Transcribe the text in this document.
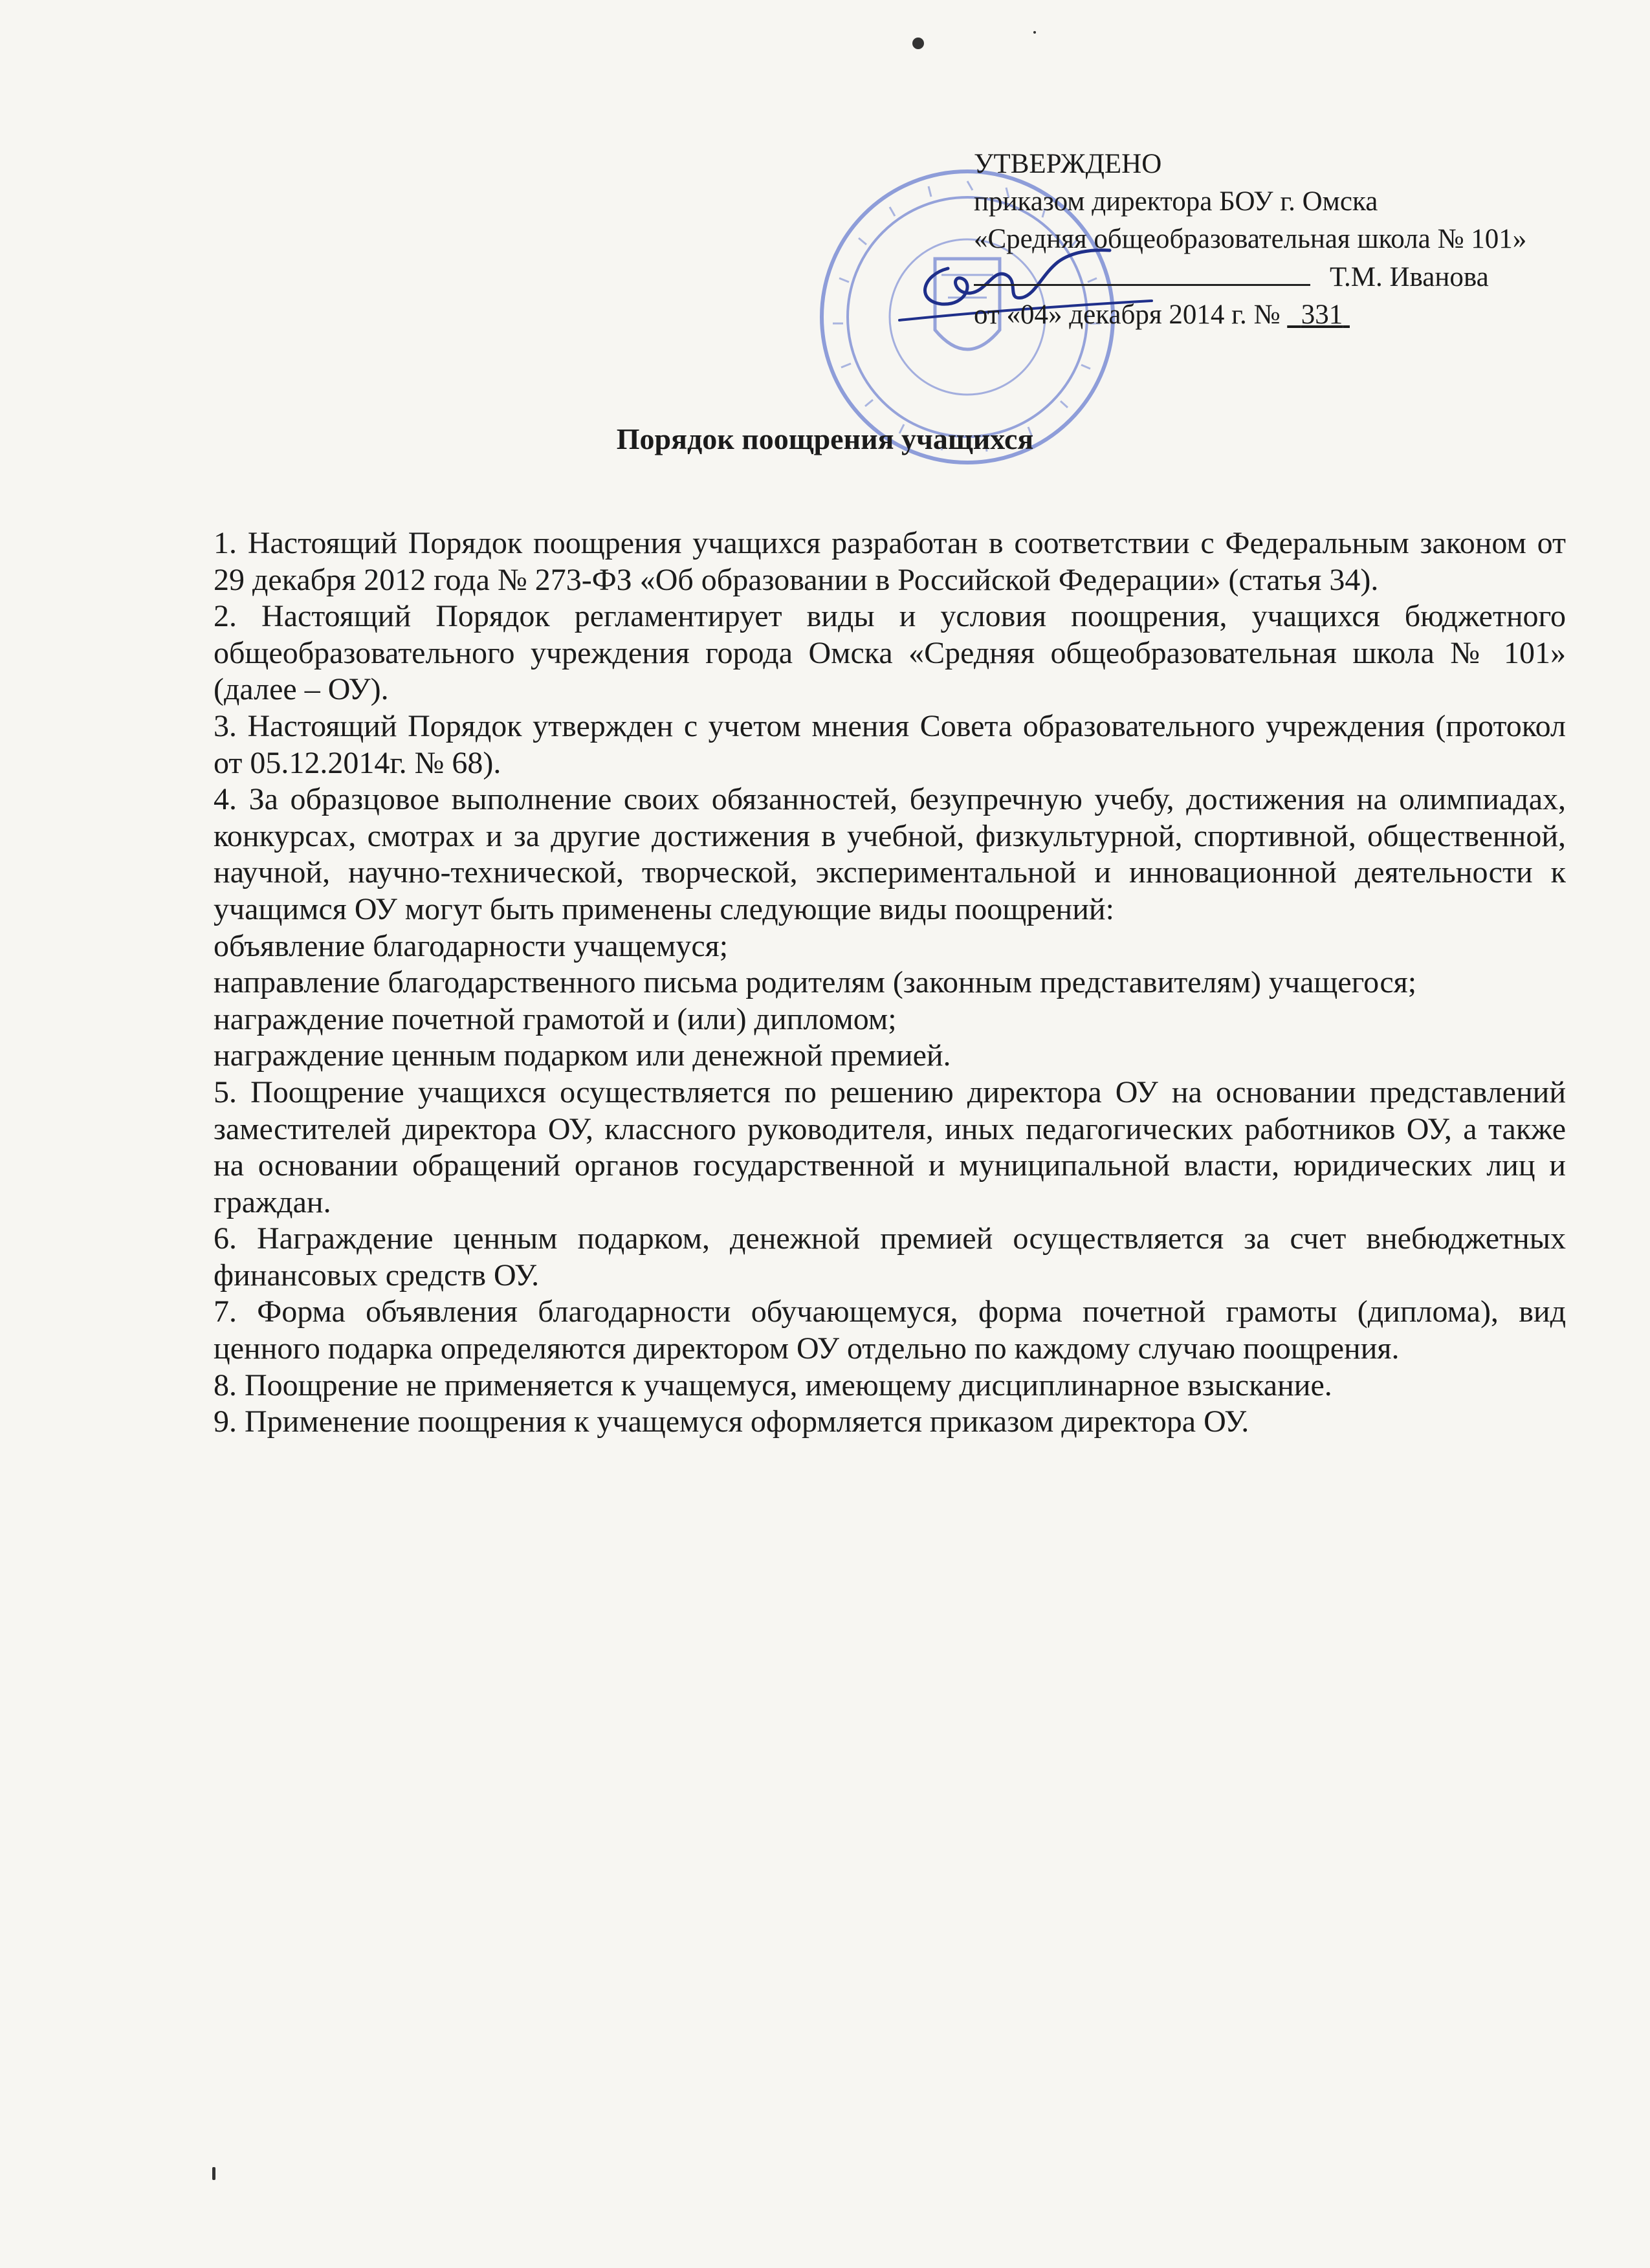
УТВЕРЖДЕНО
приказом директора БОУ г. Омска
«Средняя общеобразовательная школа № 101»
Т.М. Иванова
от «04» декабря 2014 г. № 331
Порядок поощрения учащихся

1. Настоящий Порядок поощрения учащихся разработан в соответствии с Федеральным законом от 29 декабря 2012 года № 273-ФЗ «Об образовании в Российской Федерации» (статья 34).

2. Настоящий Порядок регламентирует виды и условия поощрения, учащихся бюджетного общеобразовательного учреждения города Омска «Средняя общеобразовательная школа № 101» (далее – ОУ).

3. Настоящий Порядок утвержден с учетом мнения Совета образовательного учреждения (протокол от 05.12.2014г. № 68).

4. За образцовое выполнение своих обязанностей, безупречную учебу, достижения на олимпиадах, конкурсах, смотрах и за другие достижения в учебной, физкультурной, спортивной, общественной, научной, научно-технической, творческой, экспериментальной и инновационной деятельности к учащимся ОУ могут быть применены следующие виды поощрений:

объявление благодарности учащемуся;

направление благодарственного письма родителям (законным представителям) учащегося;

награждение почетной грамотой и (или) дипломом;

награждение ценным подарком или денежной премией.

5. Поощрение учащихся осуществляется по решению директора ОУ на основании представлений заместителей директора ОУ, классного руководителя, иных педагогических работников ОУ, а также на основании обращений органов государственной и муниципальной власти, юридических лиц и граждан.

6. Награждение ценным подарком, денежной премией осуществляется за счет внебюджетных финансовых средств ОУ.

7. Форма объявления благодарности обучающемуся, форма почетной грамоты (диплома), вид ценного подарка определяются директором ОУ отдельно по каждому случаю поощрения.

8. Поощрение не применяется к учащемуся, имеющему дисциплинарное взыскание.

9. Применение поощрения к учащемуся оформляется приказом директора ОУ.
